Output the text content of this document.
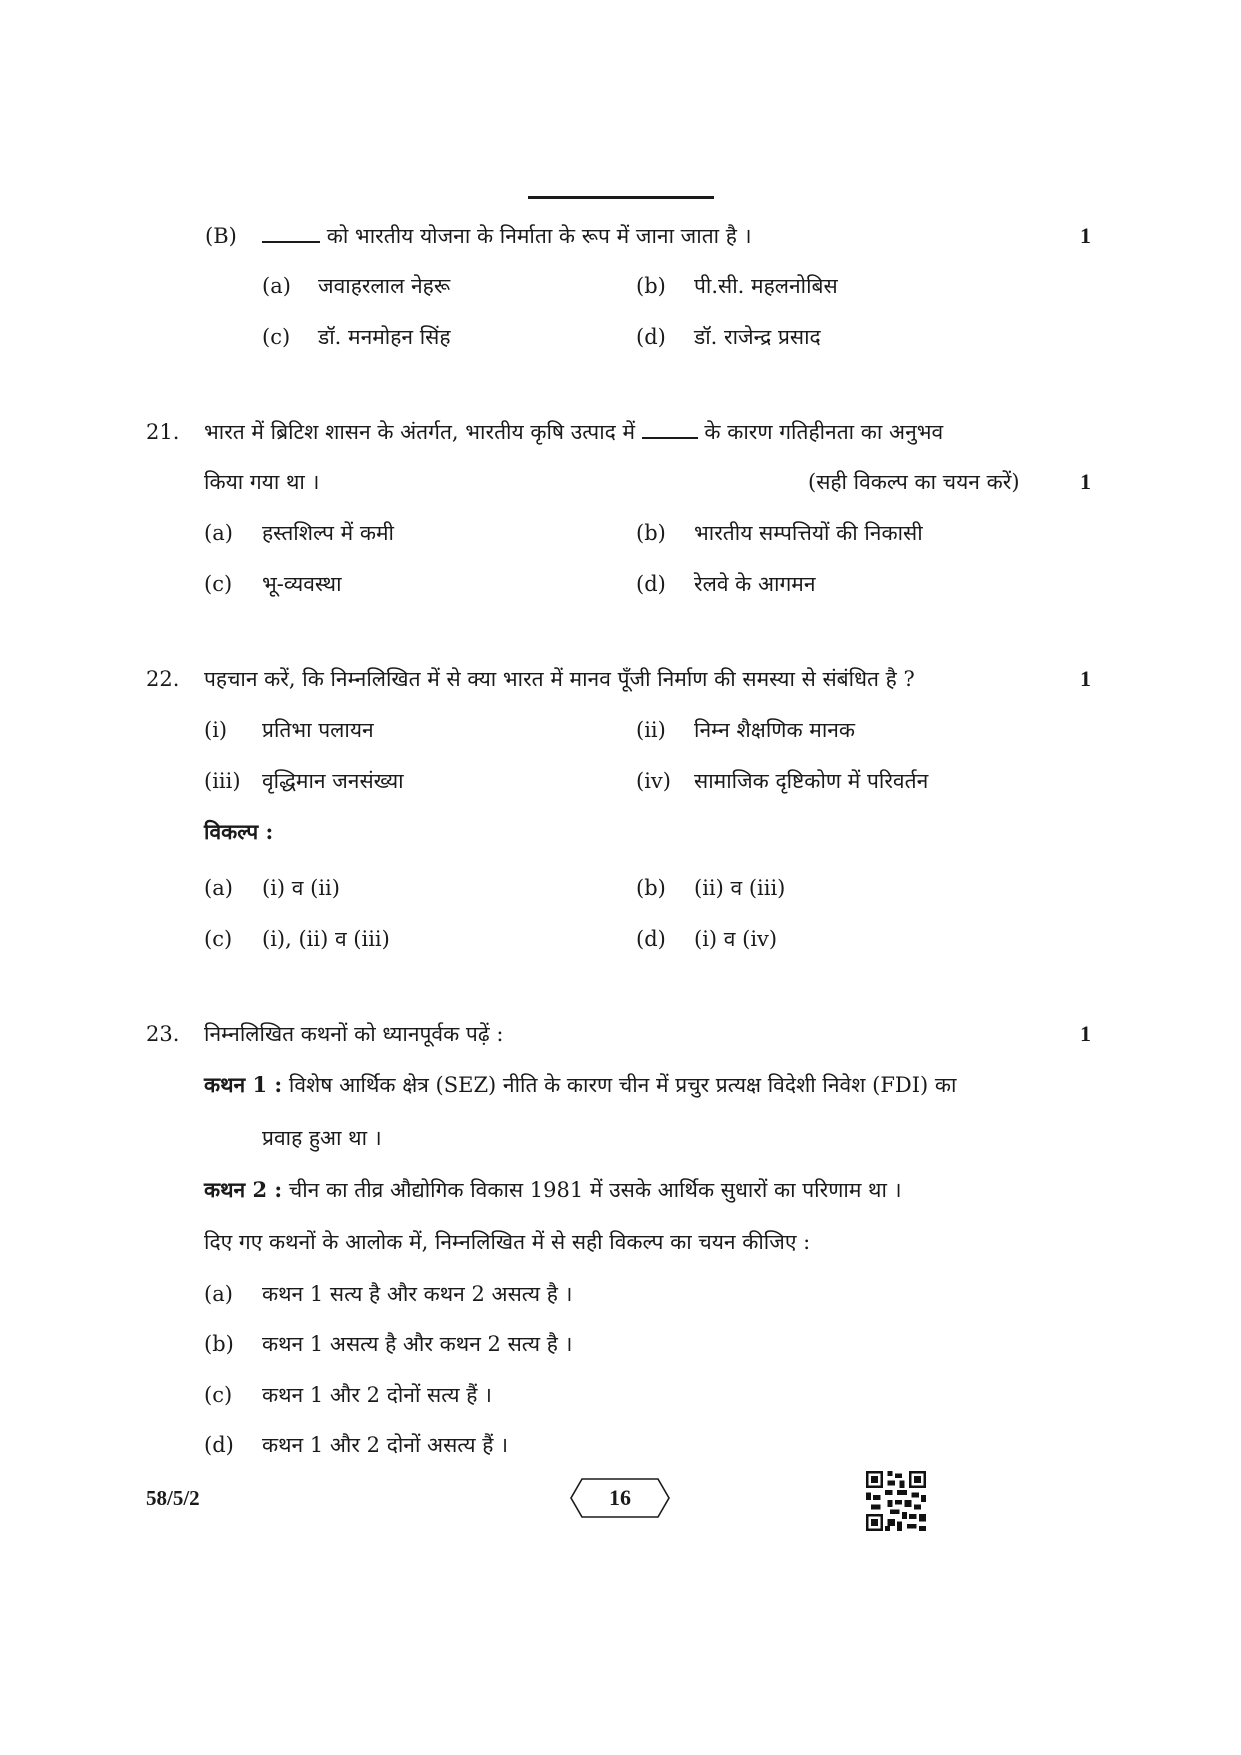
(B)	को भारतीय योजना के निर्माता के रूप में जाना जाता है ।	1
(a) जवाहरलाल नेहरू	(b) पी.सी. महलनोबिस
(c) डॉ. मनमोहन सिंह	(d) डॉ. राजेन्द्र प्रसाद
21. भारत में ब्रिटिश शासन के अंतर्गत, भारतीय कृषि उत्पाद में	के कारण गतिहीनता का अनुभव
किया गया था ।	(सही विकल्प का चयन करें)	1
(a) हस्तशिल्प में कमी	(b) भारतीय सम्पत्तियों की निकासी
(c) भू-व्यवस्था	(d) रेलवे के आगमन
22. पहचान करें, कि निम्नलिखित में से क्या भारत में मानव पूँजी निर्माण की समस्या से संबंधित है ?	1
(i) प्रतिभा पलायन	(ii) निम्न शैक्षणिक मानक
(iii) वृद्धिमान जनसंख्या	(iv) सामाजिक दृष्टिकोण में परिवर्तन
विकल्प :
(a) (i) व (ii)	(b) (ii) व (iii)
(c) (i), (ii) व (iii)	(d) (i) व (iv)
23. निम्नलिखित कथनों को ध्यानपूर्वक पढ़ें :	1
कथन 1 : विशेष आर्थिक क्षेत्र (SEZ) नीति के कारण चीन में प्रचुर प्रत्यक्ष विदेशी निवेश (FDI) का
प्रवाह हुआ था ।
कथन 2 : चीन का तीव्र औद्योगिक विकास 1981 में उसके आर्थिक सुधारों का परिणाम था ।
दिए गए कथनों के आलोक में, निम्नलिखित में से सही विकल्प का चयन कीजिए :
(a) कथन 1 सत्य है और कथन 2 असत्य है ।
(b) कथन 1 असत्य है और कथन 2 सत्य है ।
(c) कथन 1 और 2 दोनों सत्य हैं ।
(d) कथन 1 और 2 दोनों असत्य हैं ।
58/5/2	16
